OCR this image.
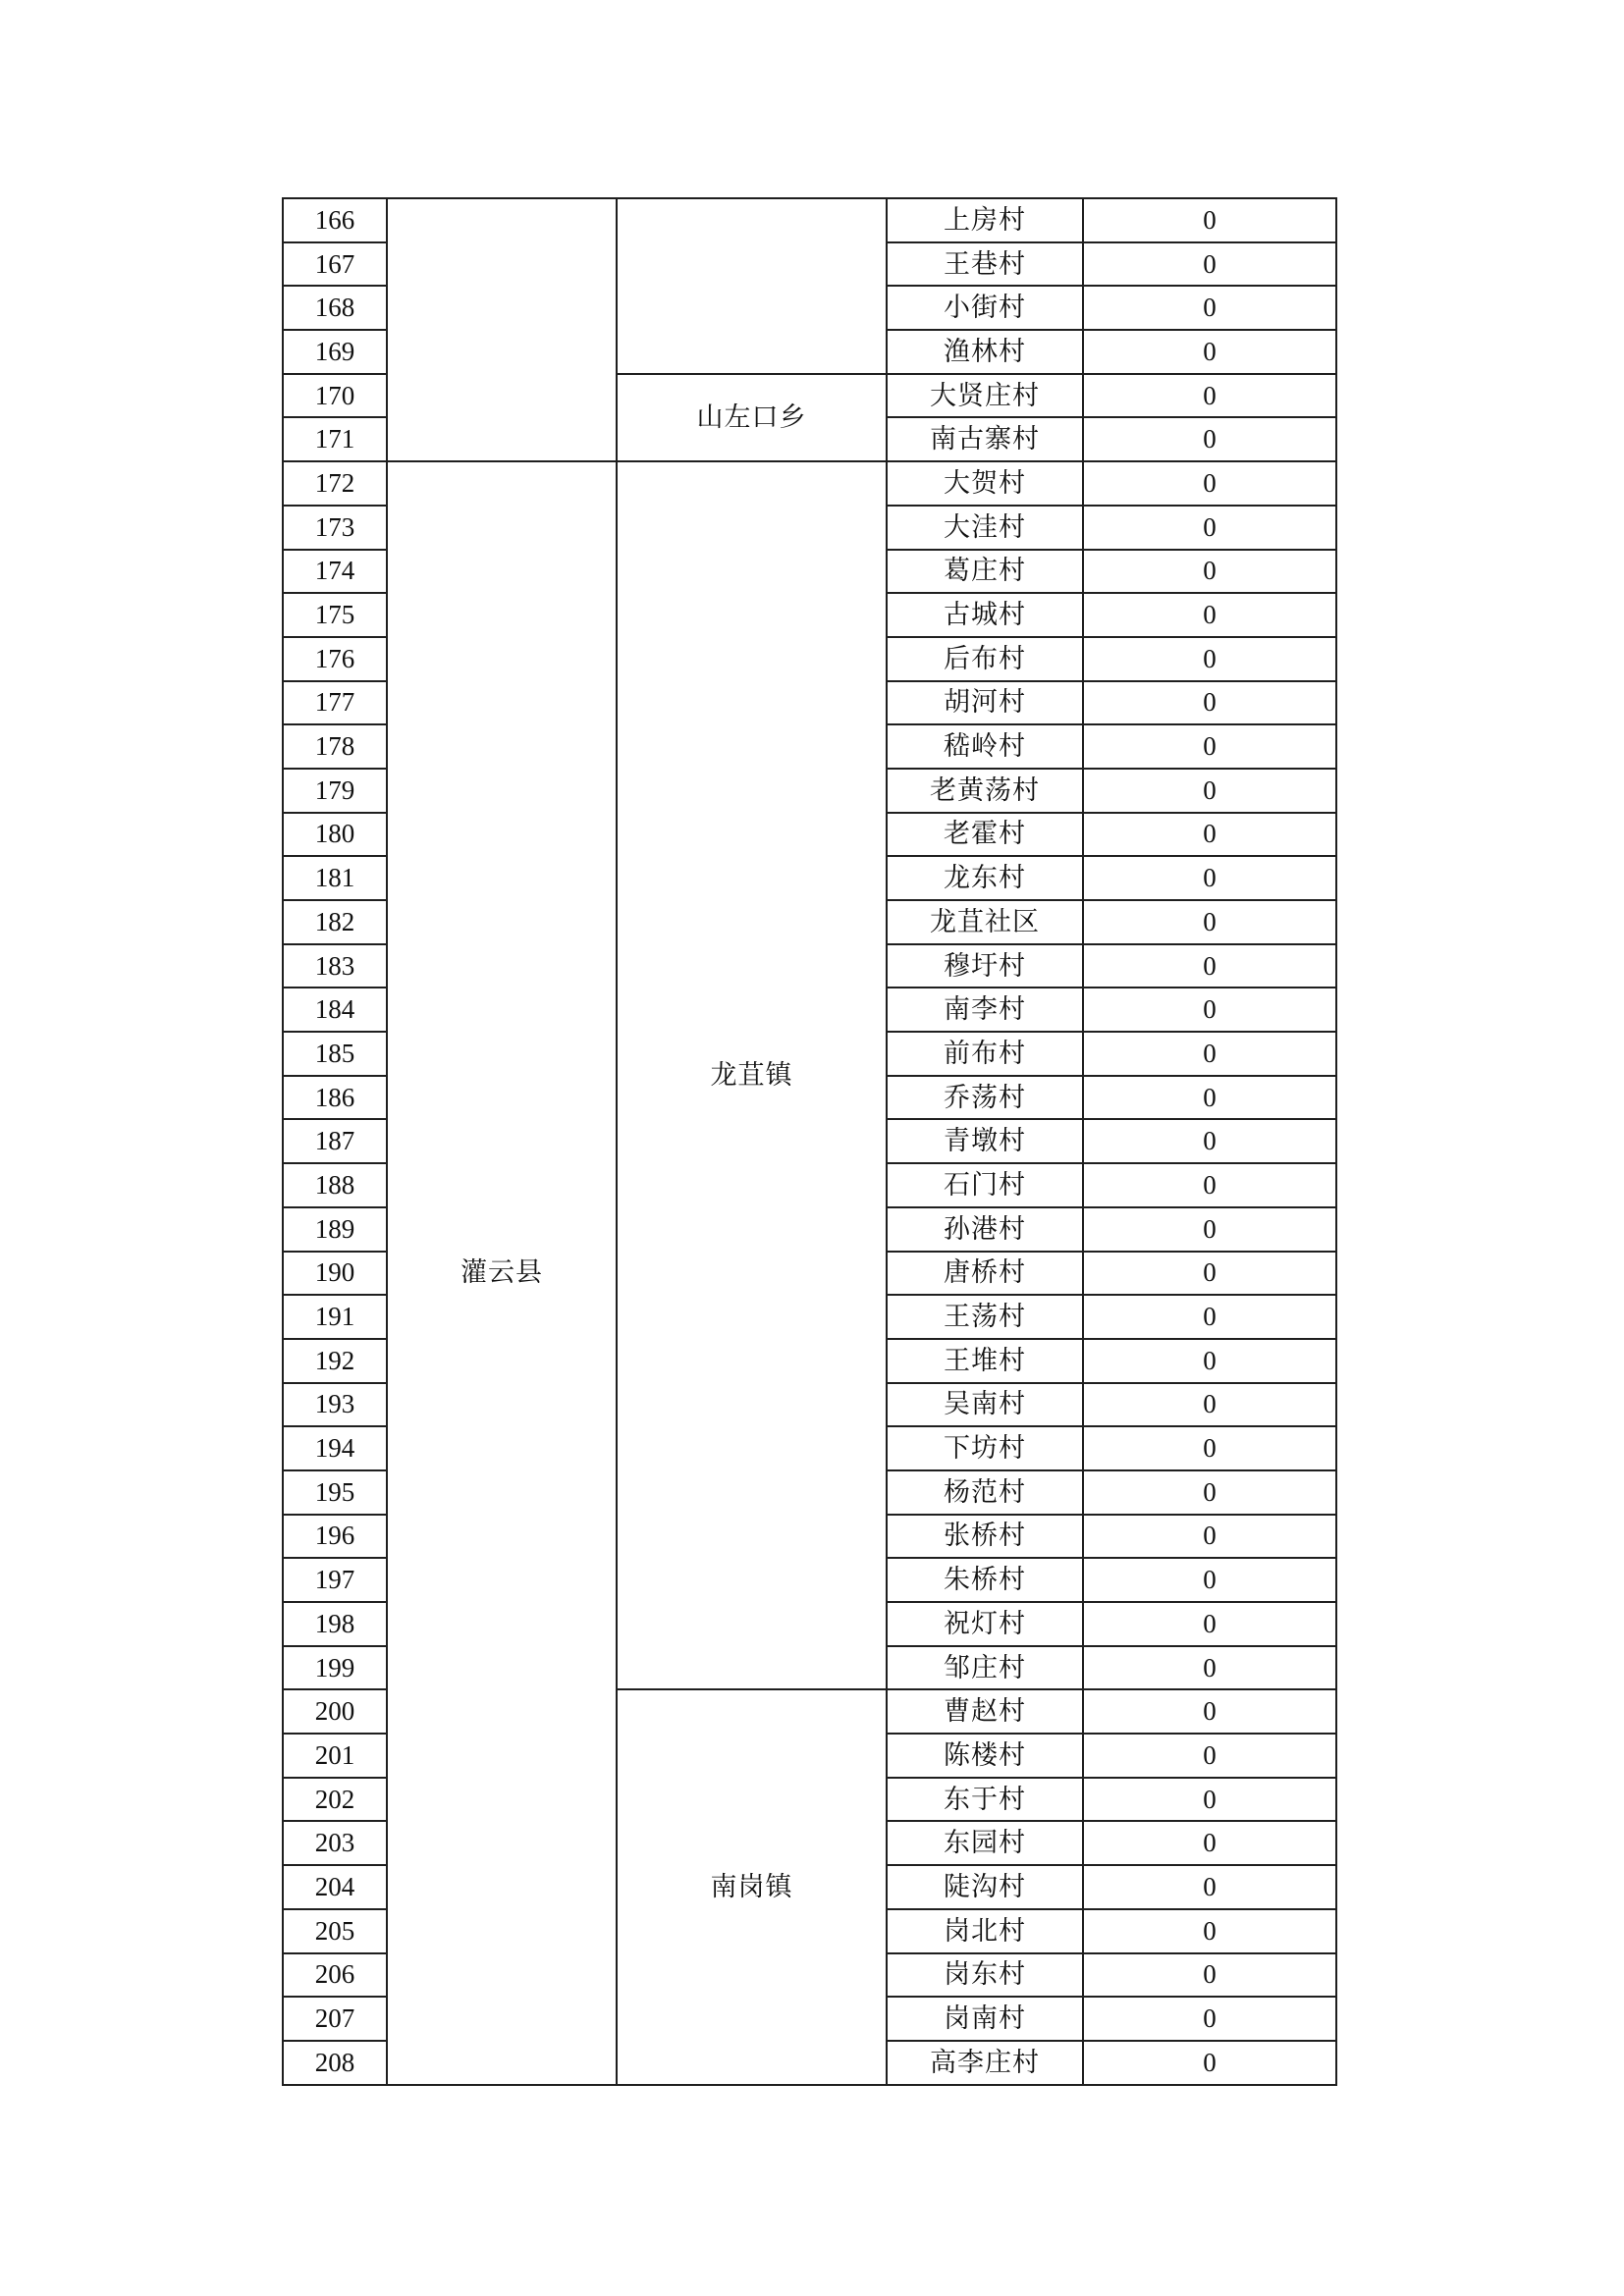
166			上房村	0
167			王巷村	0
168			小街村	0
169			渔林村	0
170		山左口乡	大贤庄村	0
171			南古寨村	0
172	灌云县	龙苴镇	大贺村	0
173			大洼村	0
174			葛庄村	0
175			古城村	0
176			后布村	0
177			胡河村	0
178			嵇岭村	0
179			老黄荡村	0
180			老霍村	0
181			龙东村	0
182			龙苴社区	0
183			穆圩村	0
184			南李村	0
185			前布村	0
186			乔荡村	0
187			青墩村	0
188			石门村	0
189			孙港村	0
190			唐桥村	0
191			王荡村	0
192			王堆村	0
193			吴南村	0
194			下坊村	0
195			杨范村	0
196			张桥村	0
197			朱桥村	0
198			祝灯村	0
199			邹庄村	0
200		南岗镇	曹赵村	0
201			陈楼村	0
202			东于村	0
203			东园村	0
204			陡沟村	0
205			岗北村	0
206			岗东村	0
207			岗南村	0
208			高李庄村	0
